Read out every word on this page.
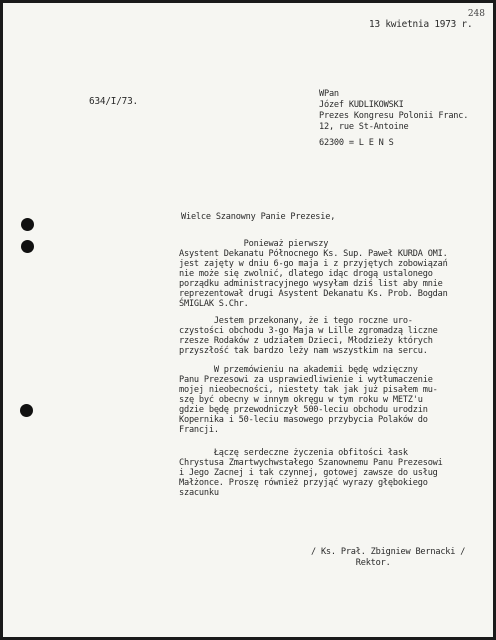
248
13 kwietnia 1973 r.
634/I/73.
WPan
Józef KUDLIKOWSKI
Prezes Kongresu Polonii Franc.
12, rue St-Antoine
62300 = L E N S
Wielce Szanowny Panie Prezesie,
Ponieważ pierwszy
Asystent Dekanatu Północnego Ks. Sup. Paweł KURDA OMI.
jest zajęty w dniu 6-go maja i z przyjętych zobowiązań
nie może się zwolnić, dlatego idąc drogą ustalonego
porządku administracyjnego wysyłam dziś list aby mnie
reprezentował drugi Asystent Dekanatu Ks. Prob. Bogdan
ŚMIGLAK S.Chr.
Jestem przekonany, że i tego roczne uro-
czystości obchodu 3-go Maja w Lille zgromadzą liczne
rzesze Rodaków z udziałem Dzieci, Młodzieży których
przyszłość tak bardzo leży nam wszystkim na sercu.
W przemówieniu na akademii będę wdzięczny
Panu Prezesowi za usprawiedliwienie i wytłumaczenie
mojej nieobecności, niestety tak jak już pisałem mu-
szę być obecny w innym okręgu w tym roku w METZ'u
gdzie będę przewodniczył 500-leciu obchodu urodzin
Kopernika i 50-leciu masowego przybycia Polaków do
Francji.
Łączę serdeczne życzenia obfitości łask
Chrystusa Zmartwychwstałego Szanownemu Panu Prezesowi
i Jego Zacnej i tak czynnej, gotowej zawsze do usług
Małżonce. Proszę również przyjąć wyrazy głębokiego
szacunku
/ Ks. Prał. Zbigniew Bernacki /
Rektor.
